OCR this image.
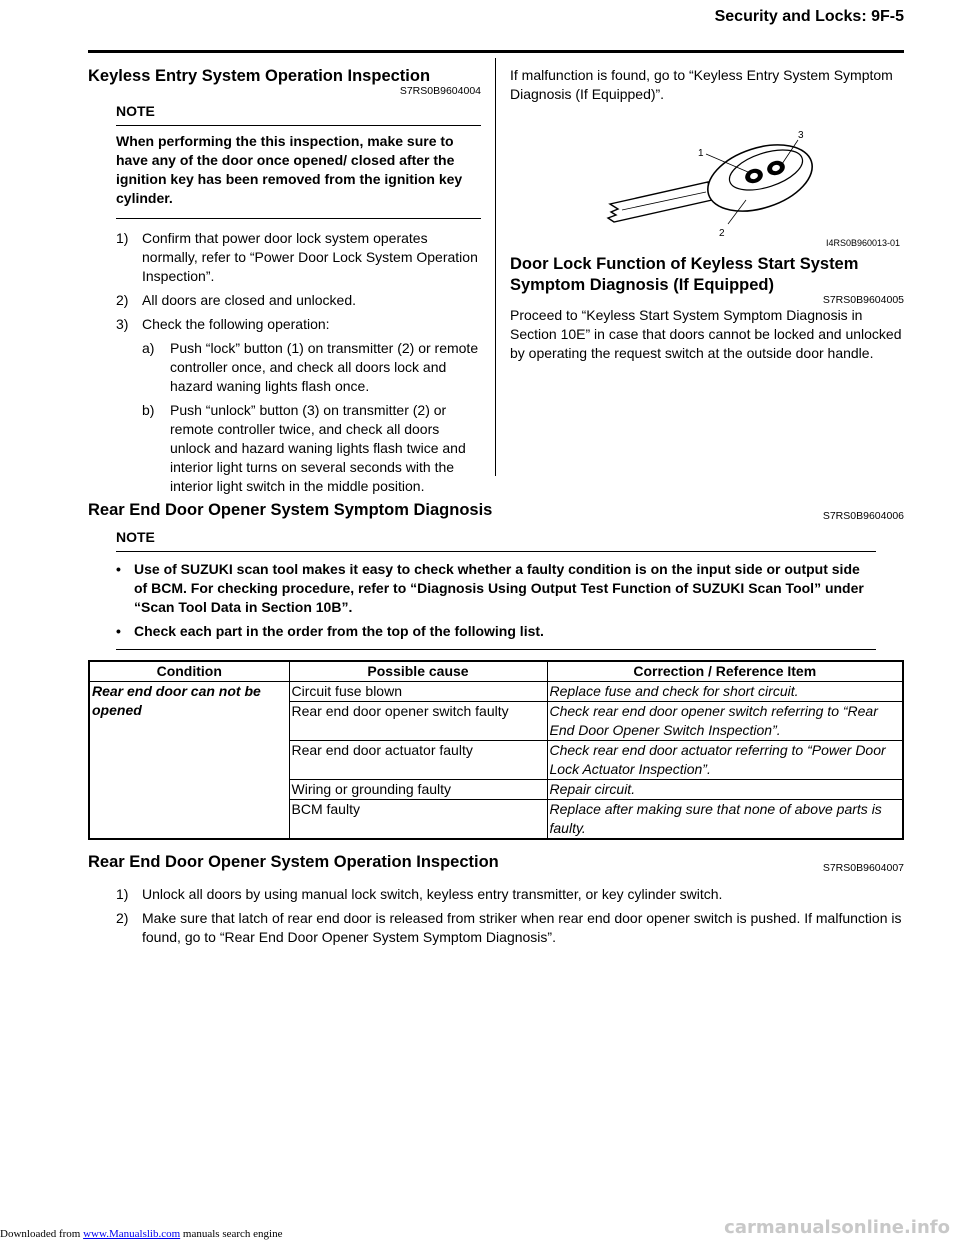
Security and Locks: 9F-5
Keyless Entry System Operation Inspection
S7RS0B9604004
NOTE
When performing the this inspection, make sure to have any of the door once opened/ closed after the ignition key has been removed from the ignition key cylinder.
1) Confirm that power door lock system operates normally, refer to “Power Door Lock System Operation Inspection”.
2) All doors are closed and unlocked.
3) Check the following operation:
a)	Push “lock” button (1) on transmitter (2) or remote controller once, and check all doors lock and hazard waning lights flash once.
b)	Push “unlock” button (3) on transmitter (2) or remote controller twice, and check all doors unlock and hazard waning lights flash twice and interior light turns on several seconds with the interior light switch in the middle position.
If malfunction is found, go to “Keyless Entry System Symptom Diagnosis (If Equipped)”.
1
3
2
I4RS0B960013-01
Door Lock Function of Keyless Start System Symptom Diagnosis (If Equipped)
S7RS0B9604005
Proceed to “Keyless Start System Symptom Diagnosis in Section 10E” in case that doors cannot be locked and unlocked by operating the request switch at the outside door handle.
Rear End Door Opener System Symptom Diagnosis	S7RS0B9604006
NOTE
• Use of SUZUKI scan tool makes it easy to check whether a faulty condition is on the input side or output side of BCM. For checking procedure, refer to “Diagnosis Using Output Test Function of SUZUKI Scan Tool” under “Scan Tool Data in Section 10B”.
• Check each part in the order from the top of the following list.
Condition	Possible cause	Correction / Reference Item
Rear end door can not be opened	Circuit fuse blown	Replace fuse and check for short circuit.
	Rear end door opener switch faulty	Check rear end door opener switch referring to “Rear End Door Opener Switch Inspection”.
	Rear end door actuator faulty	Check rear end door actuator referring to “Power Door Lock Actuator Inspection”.
	Wiring or grounding faulty	Repair circuit.
	BCM faulty	Replace after making sure that none of above parts is faulty.
Rear End Door Opener System Operation Inspection	S7RS0B9604007
1) Unlock all doors by using manual lock switch, keyless entry transmitter, or key cylinder switch.
2) Make sure that latch of rear end door is released from striker when rear end door opener switch is pushed. If malfunction is found, go to “Rear End Door Opener System Symptom Diagnosis”.
Downloaded from www.Manualslib.com manuals search engine	carmanualsonline.info
